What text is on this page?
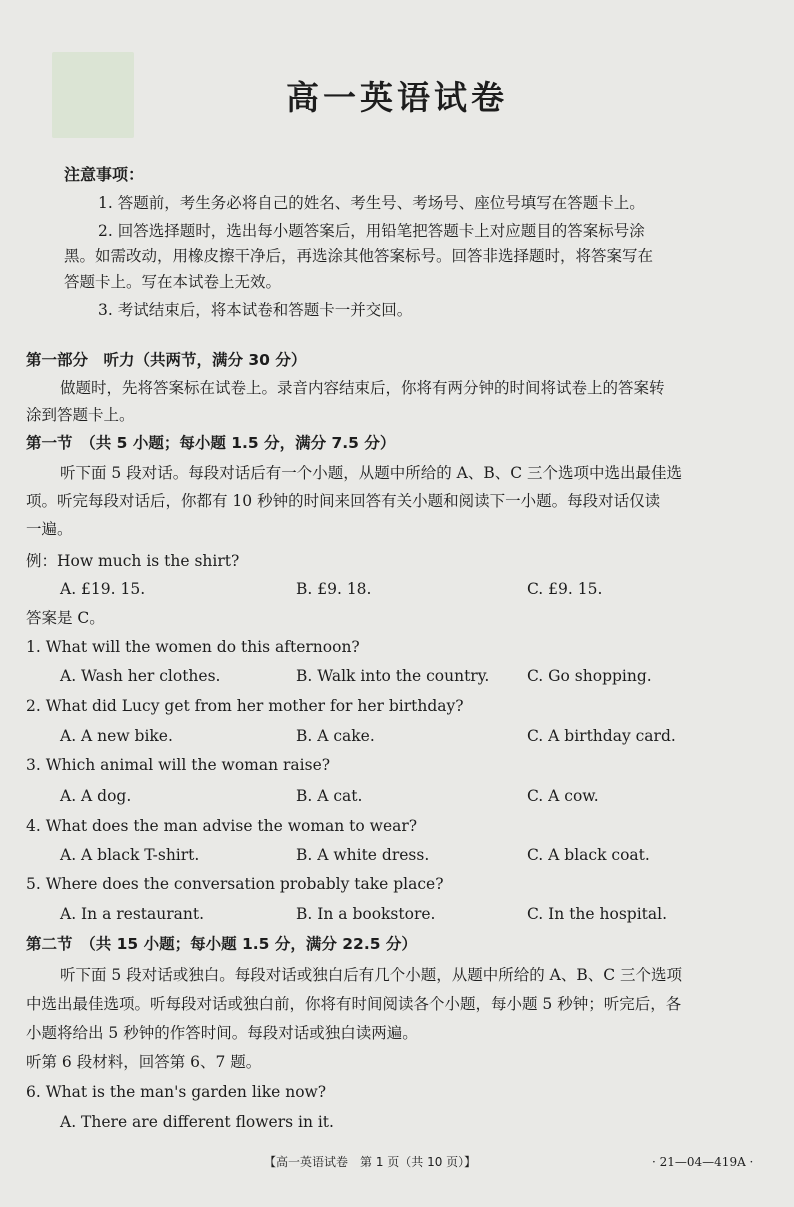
高一英语试卷
注意事项：
1. 答题前，考生务必将自己的姓名、考生号、考场号、座位号填写在答题卡上。
2. 回答选择题时，选出每小题答案后，用铅笔把答题卡上对应题目的答案标号涂
黑。如需改动，用橡皮擦干净后，再选涂其他答案标号。回答非选择题时，将答案写在
答题卡上。写在本试卷上无效。
3. 考试结束后，将本试卷和答题卡一并交回。
第一部分　听力（共两节，满分 30 分）
做题时，先将答案标在试卷上。录音内容结束后，你将有两分钟的时间将试卷上的答案转
涂到答题卡上。
第一节　（共 5 小题；每小题 1.5 分，满分 7.5 分）
听下面 5 段对话。每段对话后有一个小题，从题中所给的 A、B、C 三个选项中选出最佳选
项。听完每段对话后，你都有 10 秒钟的时间来回答有关小题和阅读下一小题。每段对话仅读
一遍。
例：How much is the shirt?
A. £19. 15.	B. £9. 18.	C. £9. 15.
答案是 C。
1. What will the women do this afternoon?
A. Wash her clothes.	B. Walk into the country. C. Go shopping.
2. What did Lucy get from her mother for her birthday?
A. A new bike.	B. A cake.	C. A birthday card.
3. Which animal will the woman raise?
A. A dog.	B. A cat.	C. A cow.
4. What does the man advise the woman to wear?
A. A black T-shirt.	B. A white dress.	C. A black coat.
5. Where does the conversation probably take place?
A. In a restaurant.	B. In a bookstore.	C. In the hospital.
第二节　（共 15 小题；每小题 1.5 分，满分 22.5 分）
听下面 5 段对话或独白。每段对话或独白后有几个小题，从题中所给的 A、B、C 三个选项
中选出最佳选项。听每段对话或独白前，你将有时间阅读各个小题，每小题 5 秒钟；听完后，各
小题将给出 5 秒钟的作答时间。每段对话或独白读两遍。
听第 6 段材料，回答第 6、7 题。
6. What is the man's garden like now?
A. There are different flowers in it.
【高一英语试卷　第 1 页（共 10 页）】	· 21—04—419A ·
